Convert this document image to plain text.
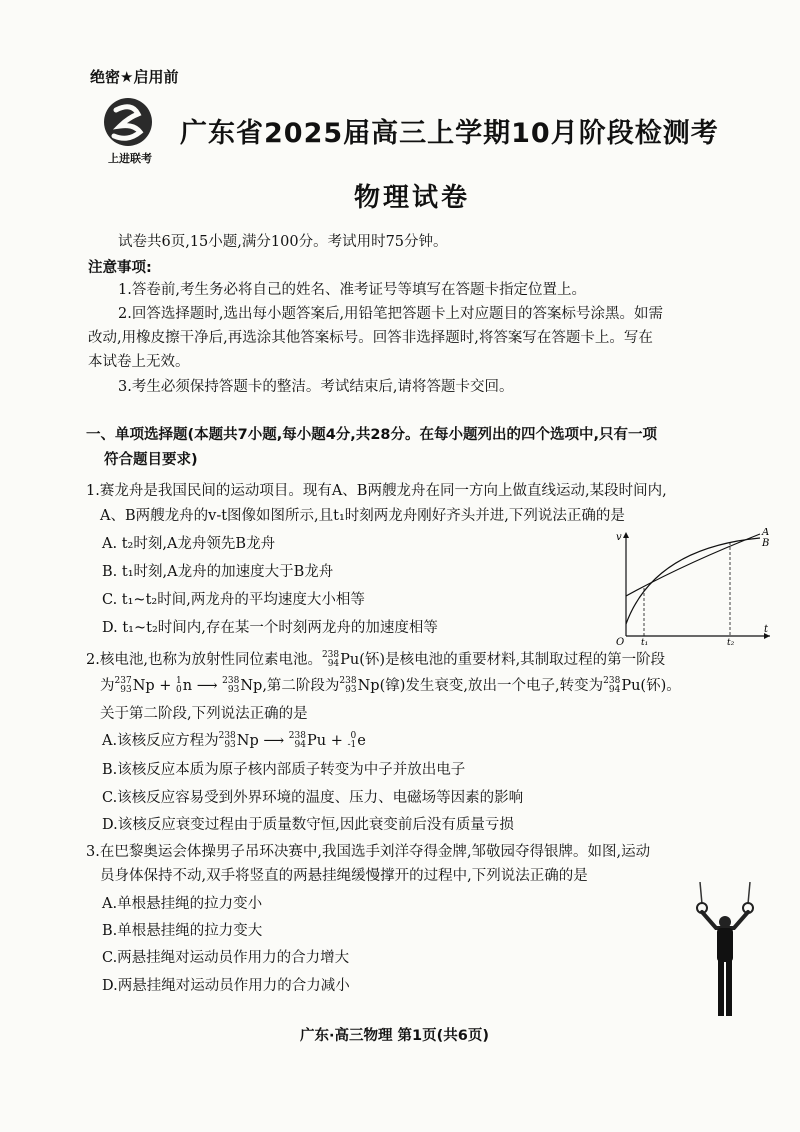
绝密★启用前
上进联考
广东省2025届高三上学期10月阶段检测考
物理试卷
试卷共6页,15小题,满分100分。考试用时75分钟。
注意事项:
1.答卷前,考生务必将自己的姓名、准考证号等填写在答题卡指定位置上。
2.回答选择题时,选出每小题答案后,用铅笔把答题卡上对应题目的答案标号涂黑。如需
改动,用橡皮擦干净后,再选涂其他答案标号。回答非选择题时,将答案写在答题卡上。写在
本试卷上无效。
3.考生必须保持答题卡的整洁。考试结束后,请将答题卡交回。
一、单项选择题(本题共7小题,每小题4分,共28分。在每小题列出的四个选项中,只有一项
符合题目要求)
1.赛龙舟是我国民间的运动项目。现有A、B两艘龙舟在同一方向上做直线运动,某段时间内,
A、B两艘龙舟的v-t图像如图所示,且t₁时刻两龙舟刚好齐头并进,下列说法正确的是
A. t₂时刻,A龙舟领先B龙舟
B. t₁时刻,A龙舟的加速度大于B龙舟
C. t₁~t₂时间,两龙舟的平均速度大小相等
D. t₁~t₂时间内,存在某一个时刻两龙舟的加速度相等
v
t
O t₁	t₂
A
B
2.核电池,也称为放射性同位素电池。 238
94 Pu(钚)是核电池的重要材料,其制取过程的第一阶段
为 237
93 Np + 1
0 n ⟶ 238
93 Np,第二阶段为 238
93 Np(镎)发生衰变,放出一个电子,转变为 238
94 Pu(钚)。
关于第二阶段,下列说法正确的是
A.该核反应方程为 238
93 Np ⟶ 238
94 Pu + 0
-1 e
B.该核反应本质为原子核内部质子转变为中子并放出电子
C.该核反应容易受到外界环境的温度、压力、电磁场等因素的影响
D.该核反应衰变过程由于质量数守恒,因此衰变前后没有质量亏损
3.在巴黎奥运会体操男子吊环决赛中,我国选手刘洋夺得金牌,邹敬园夺得银牌。如图,运动
员身体保持不动,双手将竖直的两悬挂绳缓慢撑开的过程中,下列说法正确的是
A.单根悬挂绳的拉力变小
B.单根悬挂绳的拉力变大
C.两悬挂绳对运动员作用力的合力增大
D.两悬挂绳对运动员作用力的合力减小
广东·高三物理 第1页(共6页)
